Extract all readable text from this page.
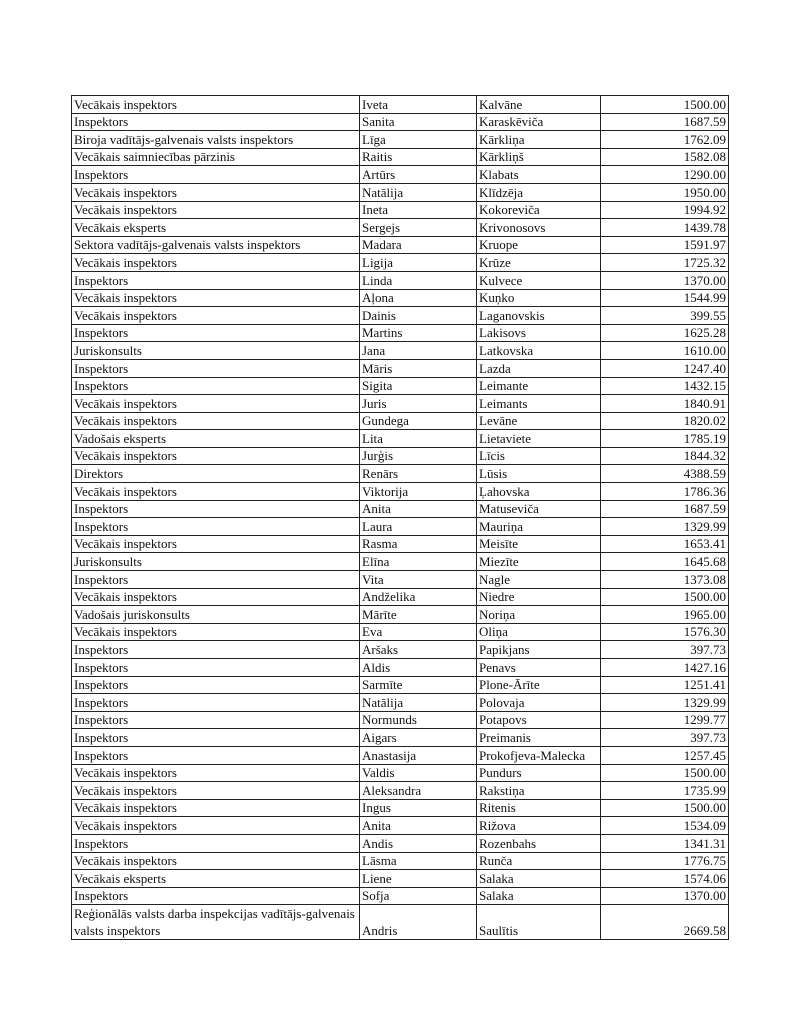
Vecākais inspektors	Iveta	Kalvāne	1500.00
Inspektors	Sanita	Karaskēviča	1687.59
Biroja vadītājs-galvenais valsts inspektors	Līga	Kārkliņa	1762.09
Vecākais saimniecības pārzinis	Raitis	Kārkliņš	1582.08
Inspektors	Artūrs	Klabats	1290.00
Vecākais inspektors	Natālija	Klīdzēja	1950.00
Vecākais inspektors	Ineta	Kokoreviča	1994.92
Vecākais eksperts	Sergejs	Krivonosovs	1439.78
Sektora vadītājs-galvenais valsts inspektors	Madara	Kruope	1591.97
Vecākais inspektors	Ligija	Krūze	1725.32
Inspektors	Linda	Kulvece	1370.00
Vecākais inspektors	Aļona	Kuņko	1544.99
Vecākais inspektors	Dainis	Laganovskis	399.55
Inspektors	Martins	Lakisovs	1625.28
Juriskonsults	Jana	Latkovska	1610.00
Inspektors	Māris	Lazda	1247.40
Inspektors	Sigita	Leimante	1432.15
Vecākais inspektors	Juris	Leimants	1840.91
Vecākais inspektors	Gundega	Levāne	1820.02
Vadošais eksperts	Lita	Lietaviete	1785.19
Vecākais inspektors	Jurģis	Līcis	1844.32
Direktors	Renārs	Lūsis	4388.59
Vecākais inspektors	Viktorija	Ļahovska	1786.36
Inspektors	Anita	Matuseviča	1687.59
Inspektors	Laura	Mauriņa	1329.99
Vecākais inspektors	Rasma	Meisīte	1653.41
Juriskonsults	Elīna	Miezīte	1645.68
Inspektors	Vita	Nagle	1373.08
Vecākais inspektors	Andželika	Niedre	1500.00
Vadošais juriskonsults	Mārīte	Noriņa	1965.00
Vecākais inspektors	Eva	Oliņa	1576.30
Inspektors	Aršaks	Papikjans	397.73
Inspektors	Aldis	Penavs	1427.16
Inspektors	Sarmīte	Plone-Ārīte	1251.41
Inspektors	Natālija	Polovaja	1329.99
Inspektors	Normunds	Potapovs	1299.77
Inspektors	Aigars	Preimanis	397.73
Inspektors	Anastasija	Prokofjeva-Malecka	1257.45
Vecākais inspektors	Valdis	Pundurs	1500.00
Vecākais inspektors	Aleksandra	Rakstiņa	1735.99
Vecākais inspektors	Ingus	Ritenis	1500.00
Vecākais inspektors	Anita	Rižova	1534.09
Inspektors	Andis	Rozenbahs	1341.31
Vecākais inspektors	Lāsma	Runča	1776.75
Vecākais eksperts	Liene	Salaka	1574.06
Inspektors	Sofja	Salaka	1370.00
Reģionālās valsts darba inspekcijas vadītājs-galvenais valsts inspektors	Andris	Saulītis	2669.58
